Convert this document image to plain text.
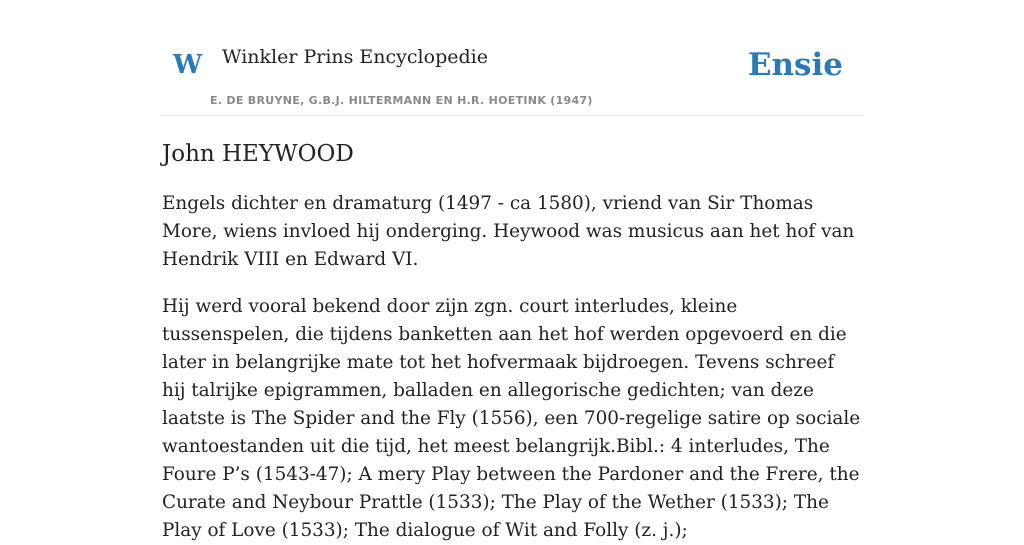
W Winkler Prins Encyclopedie
E. DE BRUYNE, G.B.J. HILTERMANN EN H.R. HOETINK (1947)
Ensie
John HEYWOOD

Engels dichter en dramaturg (1497 - ca 1580), vriend van Sir Thomas More, wiens invloed hij onderging. Heywood was musicus aan het hof van Hendrik VIII en Edward VI.

Hij werd vooral bekend door zijn zgn. court interludes, kleine tussenspelen, die tijdens banketten aan het hof werden opgevoerd en die later in belangrijke mate tot het hofvermaak bijdroegen. Tevens schreef hij talrijke epigrammen, balladen en allegorische gedichten; van deze laatste is The Spider and the Fly (1556), een 700-regelige satire op sociale wantoestanden uit die tijd, het meest belangrijk.Bibl.: 4 interludes, The Foure P’s (1543-47); A mery Play between the Pardoner and the Frere, the Curate and Neybour Prattle (1533); The Play of the Wether (1533); The Play of Love (1533); The dialogue of Wit and Folly (z. j.);
